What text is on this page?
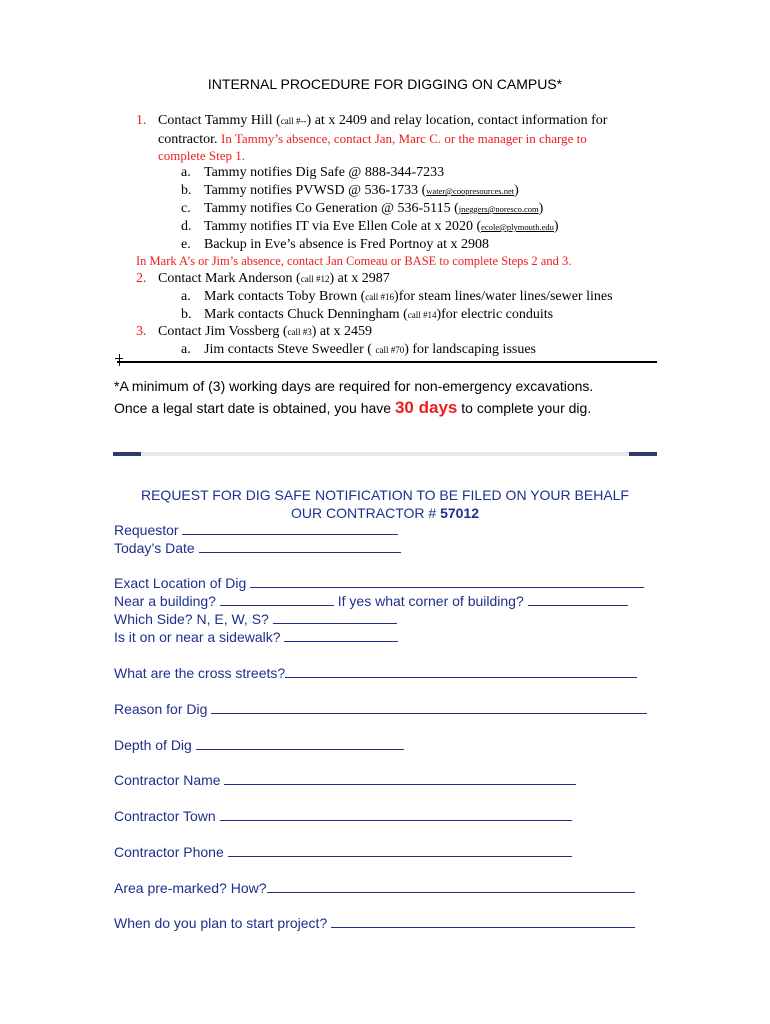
INTERNAL PROCEDURE FOR DIGGING ON CAMPUS*
1. Contact Tammy Hill (call #--) at x 2409 and relay location, contact information for
contractor. In Tammy’s absence, contact Jan, Marc C. or the manager in charge to
complete Step 1.
a. Tammy notifies Dig Safe @ 888-344-7233
b. Tammy notifies PVWSD @ 536-1733 (water@coopresources.net)
c. Tammy notifies Co Generation @ 536-5115 (jneggers@noresco.com)
d. Tammy notifies IT via Eve Ellen Cole at x 2020 (ecole@plymouth.edu)
e. Backup in Eve’s absence is Fred Portnoy at x 2908
In Mark A’s or Jim’s absence, contact Jan Comeau or BASE to complete Steps 2 and 3.
2. Contact Mark Anderson (call #12) at x 2987
a. Mark contacts Toby Brown (call #16)for steam lines/water lines/sewer lines
b. Mark contacts Chuck Denningham (call #14)for electric conduits
3. Contact Jim Vossberg (call #3) at x 2459
a. Jim contacts Steve Sweedler ( call #70) for landscaping issues
*A minimum of (3) working days are required for non-emergency excavations.
Once a legal start date is obtained, you have 30 days to complete your dig.
REQUEST FOR DIG SAFE NOTIFICATION TO BE FILED ON YOUR BEHALF
OUR CONTRACTOR # 57012
Requestor
Today’s Date
Exact Location of Dig
Near a building?	If yes what corner of building?
Which Side? N, E, W, S?
Is it on or near a sidewalk?
What are the cross streets?
Reason for Dig
Depth of Dig
Contractor Name
Contractor Town
Contractor Phone
Area pre-marked? How?
When do you plan to start project?
